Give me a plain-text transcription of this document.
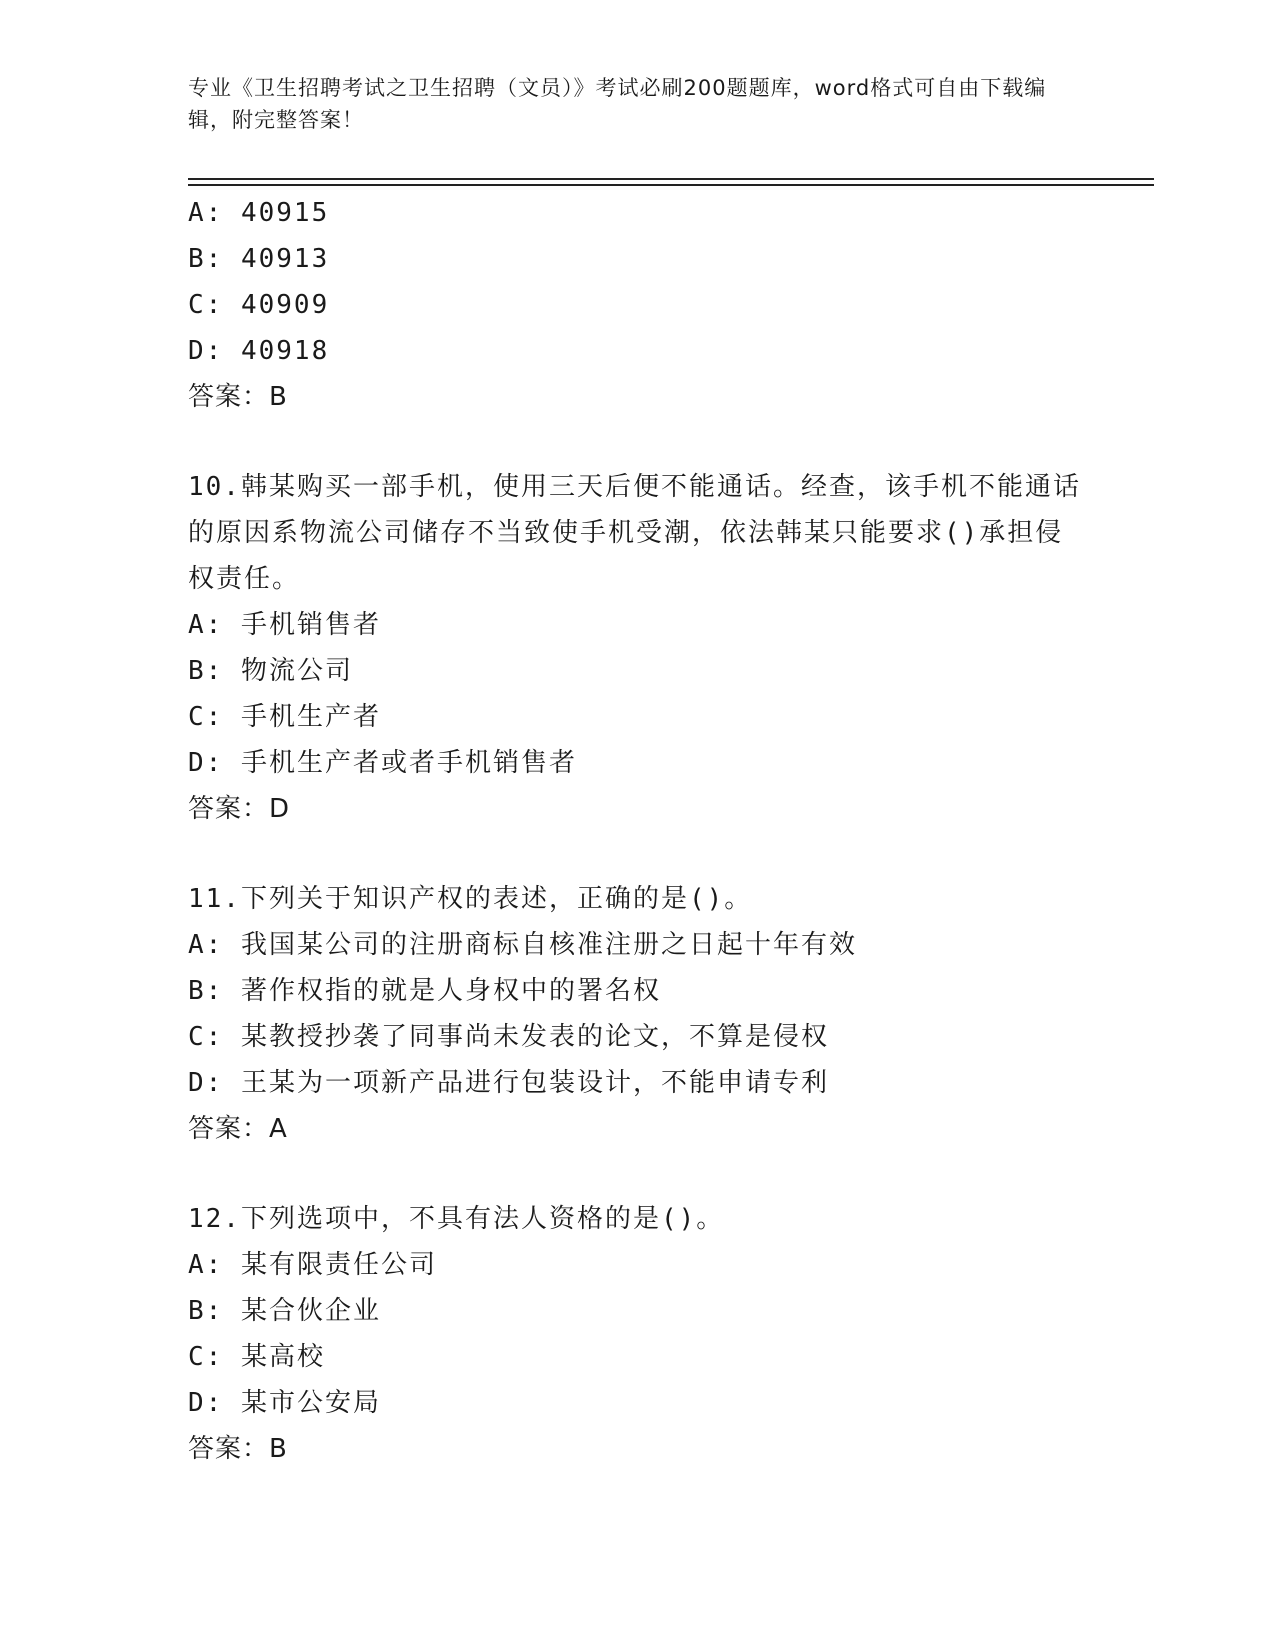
专业《卫生招聘考试之卫生招聘（文员）》考试必刷200题题库，word格式可自由下载编辑，附完整答案！
A: 40915
B: 40913
C: 40909
D: 40918
答案：B
10.韩某购买一部手机，使用三天后便不能通话。经查，该手机不能通话的原因系物流公司储存不当致使手机受潮，依法韩某只能要求()承担侵权责任。
A: 手机销售者
B: 物流公司
C: 手机生产者
D: 手机生产者或者手机销售者
答案：D
11.下列关于知识产权的表述，正确的是()。
A: 我国某公司的注册商标自核准注册之日起十年有效
B: 著作权指的就是人身权中的署名权
C: 某教授抄袭了同事尚未发表的论文，不算是侵权
D: 王某为一项新产品进行包装设计，不能申请专利
答案：A
12.下列选项中，不具有法人资格的是()。
A: 某有限责任公司
B: 某合伙企业
C: 某高校
D: 某市公安局
答案：B
